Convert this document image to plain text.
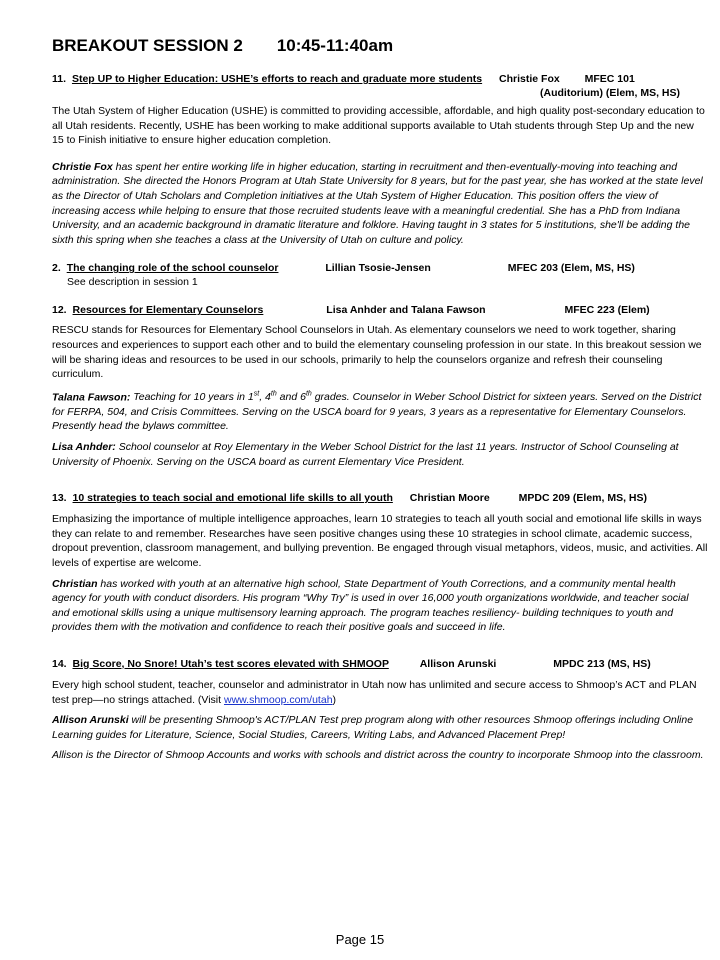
BREAKOUT SESSION 2 10:45-11:40am
11. Step UP to Higher Education: USHE’s efforts to reach and graduate more students Christie Fox MFEC 101
(Auditorium) (Elem, MS, HS)

The Utah System of Higher Education (USHE) is committed to providing accessible, affordable, and high quality post-secondary education to all Utah residents. Recently, USHE has been working to make additional supports available to Utah students through Step Up and the new 15 to Finish initiative to ensure higher education completion.

Christie Fox has spent her entire working life in higher education, starting in recruitment and then-eventually-moving into teaching and administration. She directed the Honors Program at Utah State University for 8 years, but for the past year, she has worked at the state level as the Director of Utah Scholars and Completion initiatives at the Utah System of Higher Education. This position offers the view of increasing access while helping to ensure that those recruited students leave with a meaningful credential. She has a PhD from Indiana University, and an academic background in dramatic literature and folklore. Having taught in 3 states for 5 institutions, she'll be adding the sixth this spring when she teaches a class at the University of Utah on culture and policy.

2. The changing role of the school counselor	Lillian Tsosie-Jensen	MFEC 203 (Elem, MS, HS)
See description in session 1
12. Resources for Elementary Counselors	Lisa Anhder and Talana Fawson	MFEC 223 (Elem)

RESCU stands for Resources for Elementary School Counselors in Utah. As elementary counselors we need to work together, sharing resources and experiences to support each other and to build the elementary counseling profession in our state. In this breakout session we will be sharing ideas and resources to be used in our schools, primarily to help the counselors organize and refresh their counseling curriculum.

Talana Fawson: Teaching for 10 years in 1st, 4th and 6th grades. Counselor in Weber School District for sixteen years. Served on the District for FERPA, 504, and Crisis Committees. Serving on the USCA board for 9 years, 3 years as a representative for Elementary Counselors. Presently head the bylaws committee.

Lisa Anhder: School counselor at Roy Elementary in the Weber School District for the last 11 years. Instructor of School Counseling at University of Phoenix. Serving on the USCA board as current Elementary Vice President.

13. 10 strategies to teach social and emotional life skills to all youth Christian Moore	MPDC 209 (Elem, MS, HS)

Emphasizing the importance of multiple intelligence approaches, learn 10 strategies to teach all youth social and emotional life skills in ways they can relate to and remember. Researches have seen positive changes using these 10 strategies in school climate, academic success, dropout prevention, classroom management, and bullying prevention. Be engaged through visual metaphors, videos, music, and activities. All levels of expertise are welcome.

Christian has worked with youth at an alternative high school, State Department of Youth Corrections, and a community mental health agency for youth with conduct disorders. His program “Why Try” is used in over 16,000 youth organizations worldwide, and teacher social and emotional skills using a unique multisensory learning approach. The program teaches resiliency- building techniques to youth and provides them with the motivation and confidence to reach their positive goals and succeed in life.

14. Big Score, No Snore! Utah’s test scores elevated with SHMOOP	Allison Arunski	MPDC 213 (MS, HS)

Every high school student, teacher, counselor and administrator in Utah now has unlimited and secure access to Shmoop’s ACT and PLAN test prep—no strings attached. (Visit www.shmoop.com/utah)

Allison Arunski will be presenting Shmoop's ACT/PLAN Test prep program along with other resources Shmoop offerings including Online Learning guides for Literature, Science, Social Studies, Careers, Writing Labs, and Advanced Placement Prep!

Allison is the Director of Shmoop Accounts and works with schools and district across the country to incorporate Shmoop into the classroom.

Page 15
